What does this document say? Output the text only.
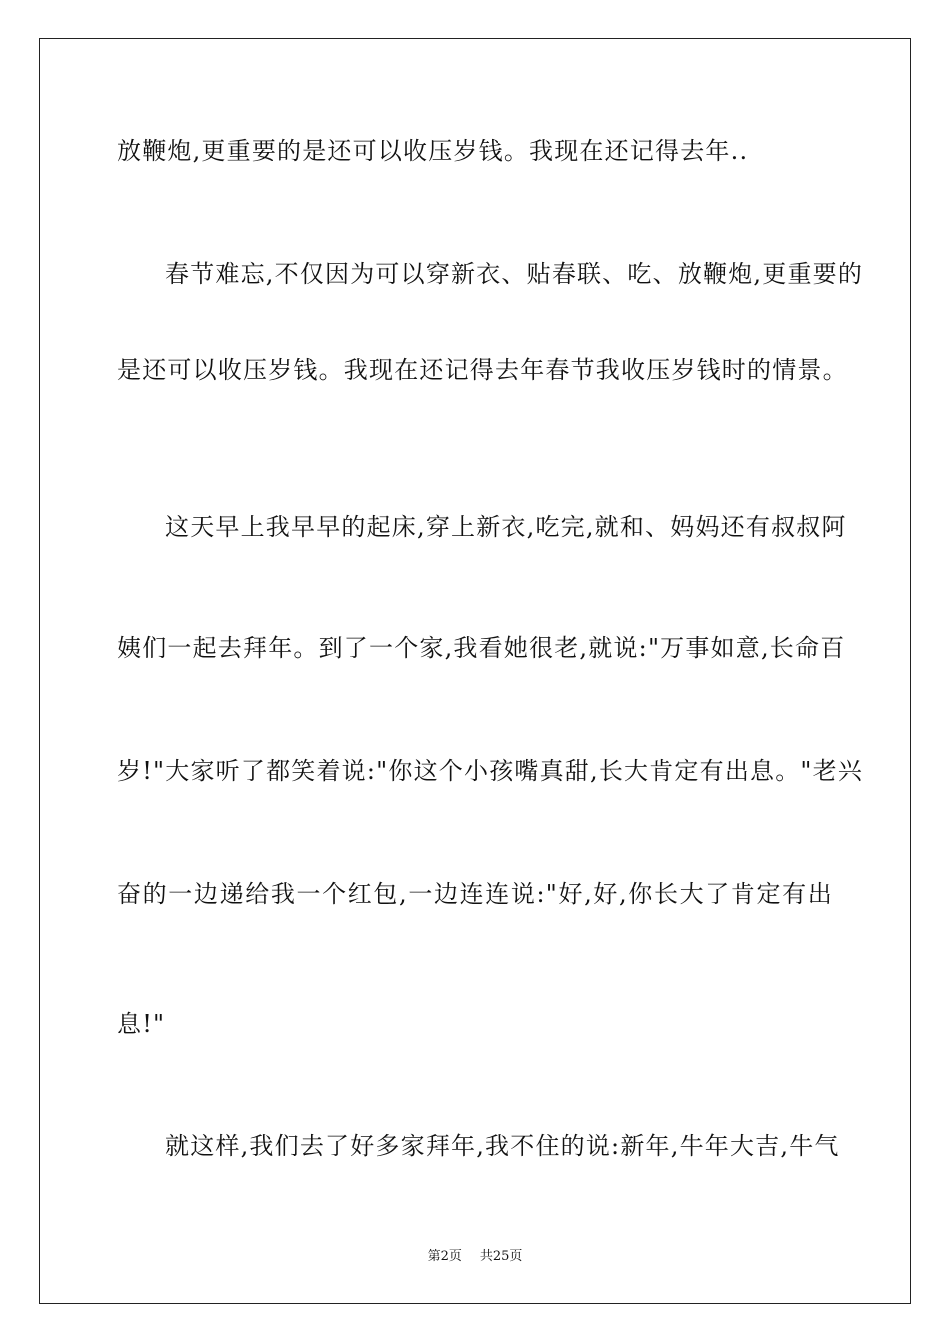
放鞭炮,更重要的是还可以收压岁钱。我现在还记得去年..
春节难忘,不仅因为可以穿新衣、贴春联、吃、放鞭炮,更重要的
是还可以收压岁钱。我现在还记得去年春节我收压岁钱时的情景。
这天早上我早早的起床,穿上新衣,吃完,就和、妈妈还有叔叔阿
姨们一起去拜年。到了一个家,我看她很老,就说:"万事如意,长命百
岁!"大家听了都笑着说:"你这个小孩嘴真甜,长大肯定有出息。"老兴
奋的一边递给我一个红包,一边连连说:"好,好,你长大了肯定有出
息!"
就这样,我们去了好多家拜年,我不住的说:新年,牛年大吉,牛气
第2页 共25页
